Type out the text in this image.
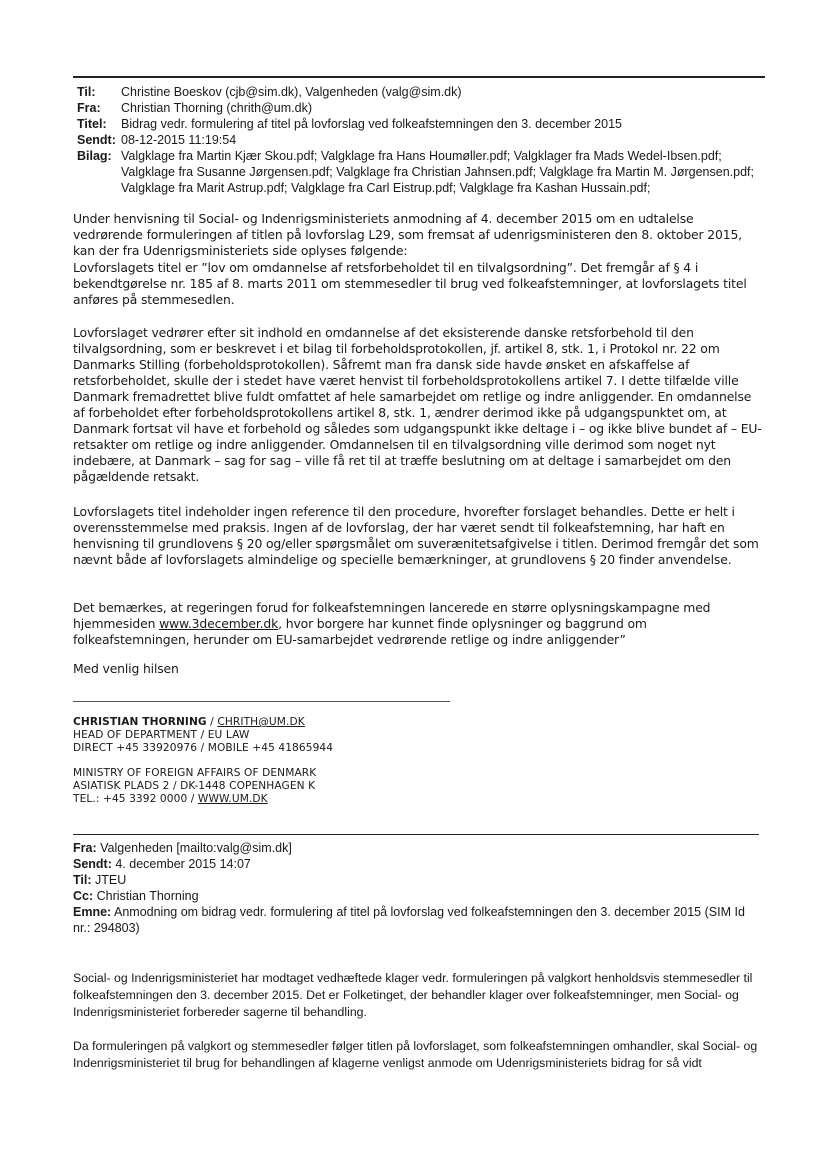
Til: Christine Boeskov (cjb@sim.dk), Valgenheden (valg@sim.dk)
Fra: Christian Thorning (chrith@um.dk)
Titel: Bidrag vedr. formulering af titel på lovforslag ved folkeafstemningen den 3. december 2015
Sendt: 08-12-2015 11:19:54
Bilag: Valgklage fra Martin Kjær Skou.pdf; Valgklage fra Hans Houmøller.pdf; Valgklager fra Mads Wedel-Ibsen.pdf;
Valgklage fra Susanne Jørgensen.pdf; Valgklage fra Christian Jahnsen.pdf; Valgklage fra Martin M. Jørgensen.pdf;
Valgklage fra Marit Astrup.pdf; Valgklage fra Carl Eistrup.pdf; Valgklage fra Kashan Hussain.pdf;

Under henvisning til Social- og Indenrigsministeriets anmodning af 4. december 2015 om en udtalelse vedrørende formuleringen af titlen på lovforslag L29, som fremsat af udenrigsministeren den 8. oktober 2015, kan der fra Udenrigsministeriets side oplyses følgende:

Lovforslagets titel er ”lov om omdannelse af retsforbeholdet til en tilvalgsordning”. Det fremgår af § 4 i bekendtgørelse nr. 185 af 8. marts 2011 om stemmesedler til brug ved folkeafstemninger, at lovforslagets titel anføres på stemmesedlen.

Lovforslaget vedrører efter sit indhold en omdannelse af det eksisterende danske retsforbehold til den tilvalgsordning, som er beskrevet i et bilag til forbeholdsprotokollen, jf. artikel 8, stk. 1, i Protokol nr. 22 om Danmarks Stilling (forbeholdsprotokollen). Såfremt man fra dansk side havde ønsket en afskaffelse af retsforbeholdet, skulle der i stedet have været henvist til forbeholdsprotokollens artikel 7. I dette tilfælde ville Danmark fremadrettet blive fuldt omfattet af hele samarbejdet om retlige og indre anliggender. En omdannelse af forbeholdet efter forbeholdsprotokollens artikel 8, stk. 1, ændrer derimod ikke på udgangspunktet om, at Danmark fortsat vil have et forbehold og således som udgangspunkt ikke deltage i – og ikke blive bundet af – EU-retsakter om retlige og indre anliggender. Omdannelsen til en tilvalgsordning ville derimod som noget nyt indebære, at Danmark – sag for sag – ville få ret til at træffe beslutning om at deltage i samarbejdet om den pågældende retsakt.

Lovforslagets titel indeholder ingen reference til den procedure, hvorefter forslaget behandles. Dette er helt i overensstemmelse med praksis. Ingen af de lovforslag, der har været sendt til folkeafstemning, har haft en henvisning til grundlovens § 20 og/eller spørgsmålet om suverænitetsafgivelse i titlen. Derimod fremgår det som nævnt både af lovforslagets almindelige og specielle bemærkninger, at grundlovens § 20 finder anvendelse.

Det bemærkes, at regeringen forud for folkeafstemningen lancerede en større oplysningskampagne med hjemmesiden www.3december.dk, hvor borgere har kunnet finde oplysninger og baggrund om folkeafstemningen, herunder om EU-samarbejdet vedrørende retlige og indre anliggender”

Med venlig hilsen

CHRISTIAN THORNING / CHRITH@UM.DK
HEAD OF DEPARTMENT / EU LAW
DIRECT +45 33920976 / MOBILE +45 41865944
MINISTRY OF FOREIGN AFFAIRS OF DENMARK
ASIATISK PLADS 2 / DK-1448 COPENHAGEN K
TEL.: +45 3392 0000 / WWW.UM.DK
Fra: Valgenheden [mailto:valg@sim.dk]
Sendt: 4. december 2015 14:07
Til: JTEU
Cc: Christian Thorning
Emne: Anmodning om bidrag vedr. formulering af titel på lovforslag ved folkeafstemningen den 3. december 2015 (SIM Id nr.: 294803)
Social- og Indenrigsministeriet har modtaget vedhæftede klager vedr. formuleringen på valgkort henholdsvis stemmesedler til folkeafstemningen den 3. december 2015. Det er Folketinget, der behandler klager over folkeafstemninger, men Social- og Indenrigsministeriet forbereder sagerne til behandling.
Da formuleringen på valgkort og stemmesedler følger titlen på lovforslaget, som folkeafstemningen omhandler, skal Social- og Indenrigsministeriet til brug for behandlingen af klagerne venligst anmode om Udenrigsministeriets bidrag for så vidt
